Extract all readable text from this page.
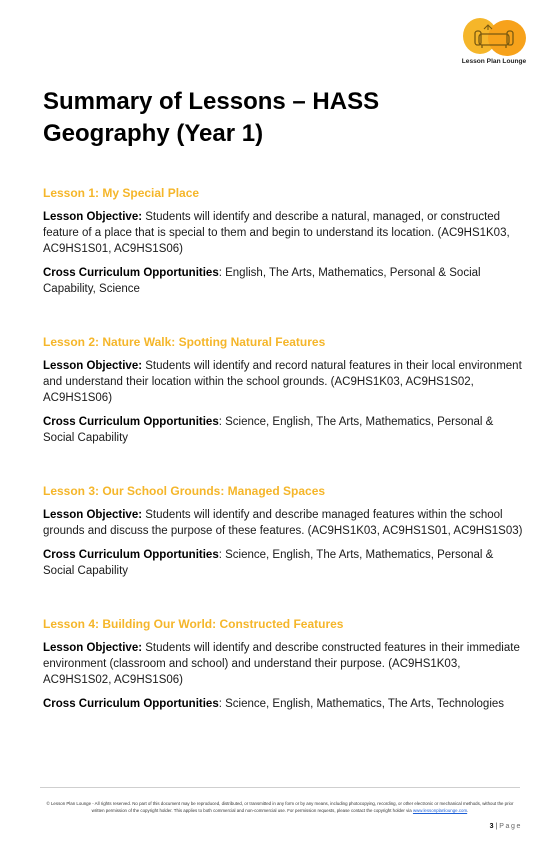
Lesson Plan Lounge
Summary of Lessons – HASS
Geography (Year 1)

Lesson 1: My Special Place

Lesson Objective: Students will identify and describe a natural, managed, or constructed feature of a place that is special to them and begin to understand its location. (AC9HS1K03, AC9HS1S01, AC9HS1S06)

Cross Curriculum Opportunities: English, The Arts, Mathematics, Personal & Social Capability, Science

Lesson 2: Nature Walk: Spotting Natural Features

Lesson Objective: Students will identify and record natural features in their local environment and understand their location within the school grounds. (AC9HS1K03, AC9HS1S02, AC9HS1S06)

Cross Curriculum Opportunities: Science, English, The Arts, Mathematics, Personal & Social Capability

Lesson 3: Our School Grounds: Managed Spaces

Lesson Objective: Students will identify and describe managed features within the school grounds and discuss the purpose of these features. (AC9HS1K03, AC9HS1S01, AC9HS1S03)

Cross Curriculum Opportunities: Science, English, The Arts, Mathematics, Personal & Social Capability

Lesson 4: Building Our World: Constructed Features

Lesson Objective: Students will identify and describe constructed features in their immediate environment (classroom and school) and understand their purpose. (AC9HS1K03, AC9HS1S02, AC9HS1S06)

Cross Curriculum Opportunities: Science, English, Mathematics, The Arts, Technologies

© Lesson Plan Lounge - All rights reserved. No part of this document may be reproduced, distributed, or transmitted in any form or by any means, including photocopying, recording, or other electronic or mechanical methods, without the prior written permission of the copyright holder. This applies to both commercial and non-commercial use. For permission requests, please contact the copyright holder via www.lessonplanlounge.com.
3 | Page
